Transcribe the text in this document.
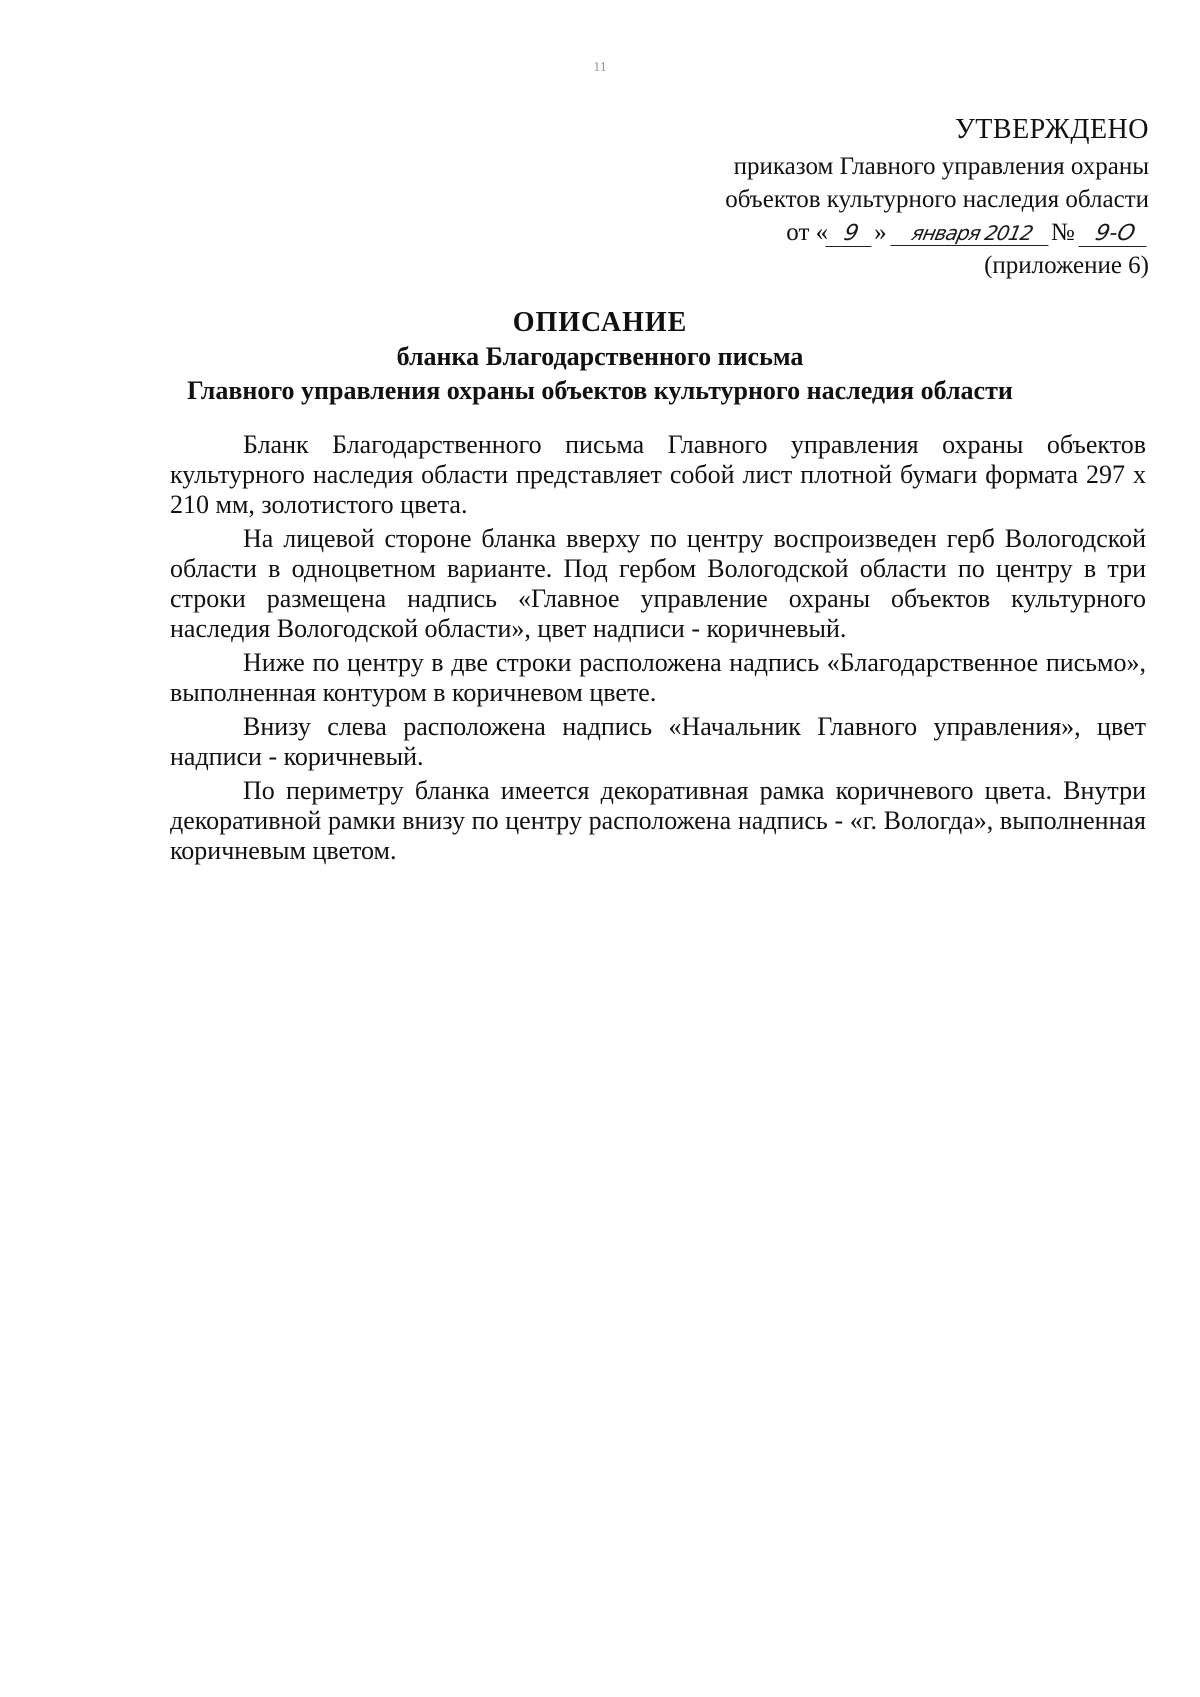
11
УТВЕРЖДЕНО
приказом Главного управления охраны
объектов культурного наследия области
от « 9 » января 2012 № 9-О
(приложение 6)
ОПИСАНИЕ
бланка Благодарственного письма
Главного управления охраны объектов культурного наследия области

Бланк Благодарственного письма Главного управления охраны объектов культурного наследия области представляет собой лист плотной бумаги формата 297 х 210 мм, золотистого цвета.

На лицевой стороне бланка вверху по центру воспроизведен герб Вологодской области в одноцветном варианте. Под гербом Вологодской области по центру в три строки размещена надпись «Главное управление охраны объектов культурного наследия Вологодской области», цвет надписи - коричневый.

Ниже по центру в две строки расположена надпись «Благодарственное письмо», выполненная контуром в коричневом цвете.

Внизу слева расположена надпись «Начальник Главного управления», цвет надписи - коричневый.

По периметру бланка имеется декоративная рамка коричневого цвета. Внутри декоративной рамки внизу по центру расположена надпись - «г. Вологда», выполненная коричневым цветом.
